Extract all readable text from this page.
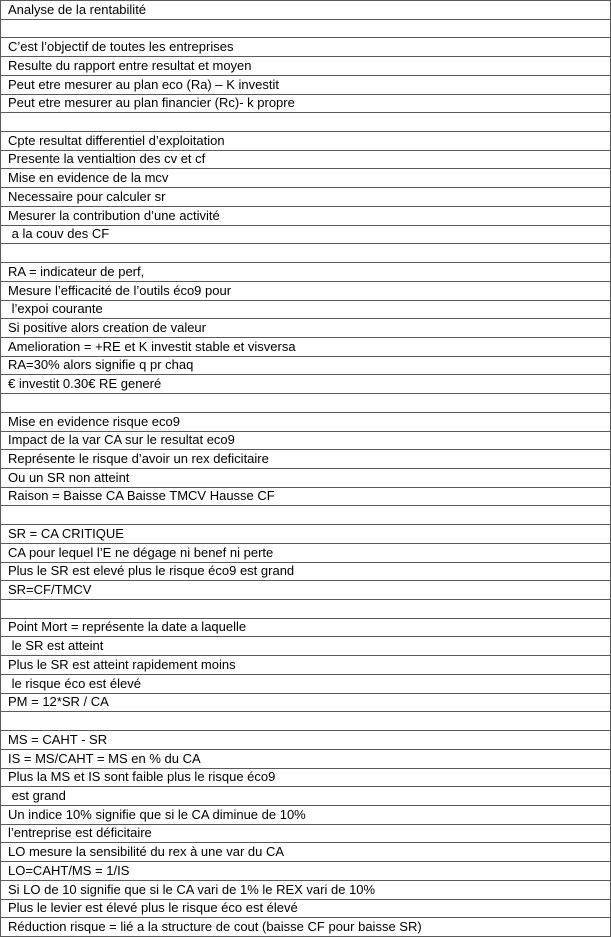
Analyse de la rentabilité
C’est l’objectif de toutes les entreprises
Resulte du rapport entre resultat et moyen
Peut etre mesurer au plan eco (Ra) – K investit
Peut etre mesurer au plan financier (Rc)- k propre
Cpte resultat differentiel d’exploitation
Presente la ventialtion des cv et cf
Mise en evidence de la mcv
Necessaire pour calculer sr
Mesurer la contribution d’une activité
a la couv des CF
RA = indicateur de perf,
Mesure l’efficacité de l’outils éco9 pour
l’expoi courante
Si positive alors creation de valeur
Amelioration = +RE et K investit stable et visversa
RA=30% alors signifie q pr chaq
€ investit 0.30€ RE generé
Mise en evidence risque eco9
Impact de la var CA sur le resultat eco9
Représente le risque d’avoir un rex deficitaire
Ou un SR non atteint
Raison = Baisse CA Baisse TMCV Hausse CF
SR = CA CRITIQUE
CA pour lequel l’E ne dégage ni benef ni perte
Plus le SR est elevé plus le risque éco9 est grand
SR=CF/TMCV
Point Mort = représente la date a laquelle
le SR est atteint
Plus le SR est atteint rapidement moins
le risque éco est élevé
PM = 12*SR / CA
MS = CAHT - SR
IS = MS/CAHT = MS en % du CA
Plus la MS et IS sont faible plus le risque éco9
est grand
Un indice 10% signifie que si le CA diminue de 10%
l’entreprise est déficitaire
LO mesure la sensibilité du rex à une var du CA
LO=CAHT/MS = 1/IS
Si LO de 10 signifie que si le CA vari de 1% le REX vari de 10%
Plus le levier est élevé plus le risque éco est élevé
Réduction risque = lié a la structure de cout (baisse CF pour baisse SR)
